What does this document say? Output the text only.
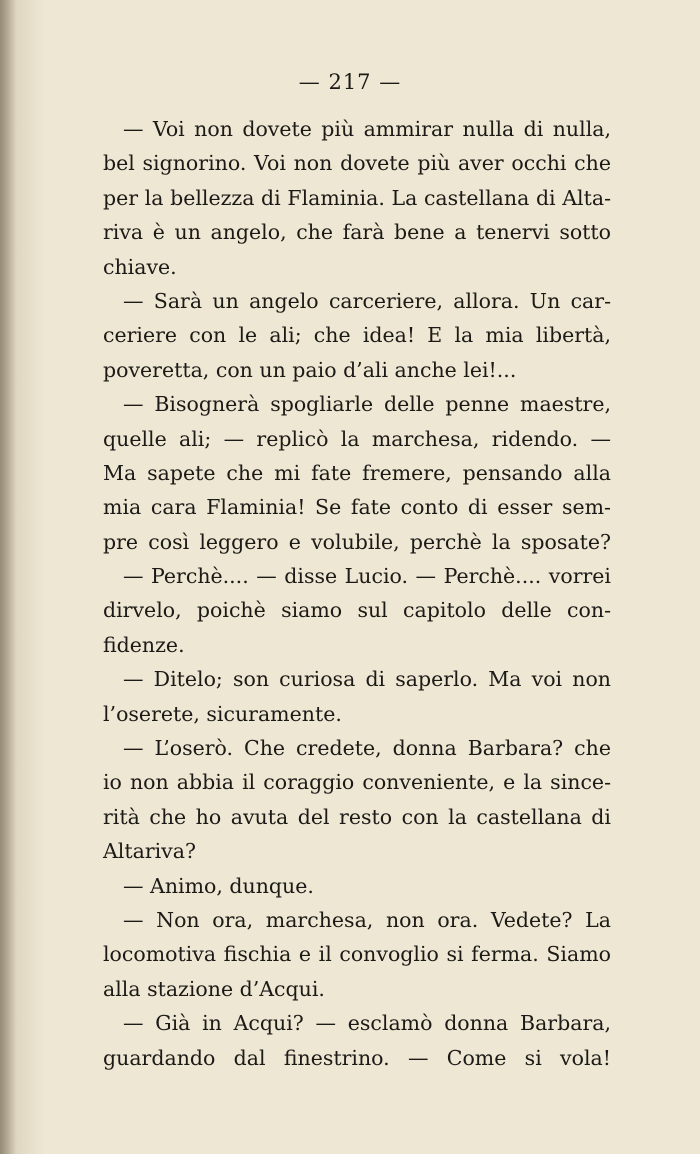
— 217 —
— Voi non dovete più ammirar nulla di nulla,
bel signorino. Voi non dovete più aver occhi che
per la bellezza di Flaminia. La castellana di Alta-
riva è un angelo, che farà bene a tenervi sotto
chiave.
— Sarà un angelo carceriere, allora. Un car-
ceriere con le ali; che idea! E la mia libertà,
poveretta, con un paio d’ali anche lei!...
— Bisognerà spogliarle delle penne maestre,
quelle ali; — replicò la marchesa, ridendo. —
Ma sapete che mi fate fremere, pensando alla
mia cara Flaminia! Se fate conto di esser sem-
pre così leggero e volubile, perchè la sposate?
— Perchè.... — disse Lucio. — Perchè.... vorrei
dirvelo, poichè siamo sul capitolo delle con-
fidenze.
— Ditelo; son curiosa di saperlo. Ma voi non
l’oserete, sicuramente.
— L’oserò. Che credete, donna Barbara? che
io non abbia il coraggio conveniente, e la since-
rità che ho avuta del resto con la castellana di
Altariva?
— Animo, dunque.
— Non ora, marchesa, non ora. Vedete? La
locomotiva fischia e il convoglio si ferma. Siamo
alla stazione d’Acqui.
— Già in Acqui? — esclamò donna Barbara,
guardando dal finestrino. — Come si vola!
